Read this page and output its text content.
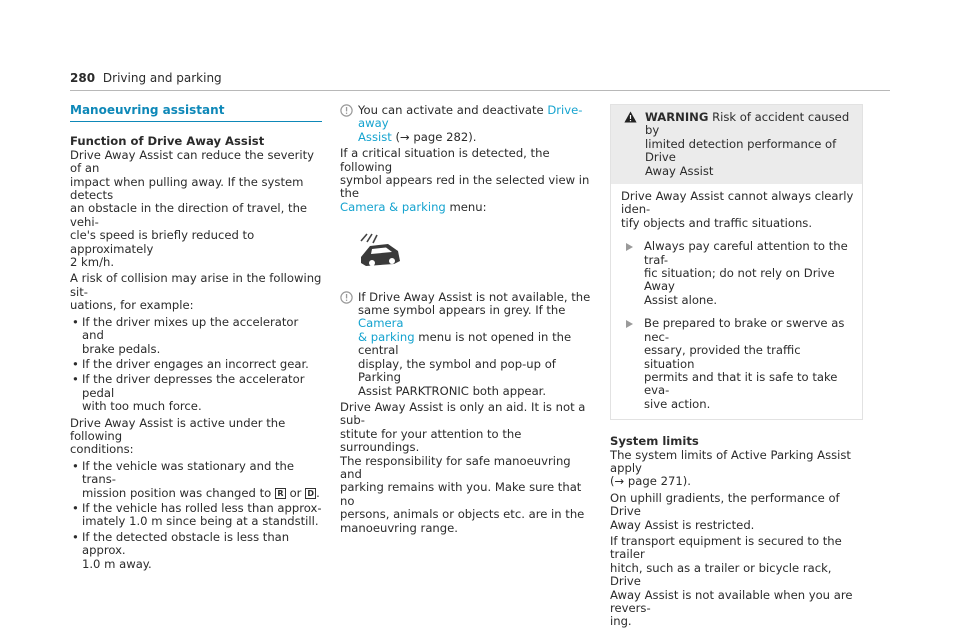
280 Driving and parking
Manoeuvring assistant
Function of Drive Away Assist
Drive Away Assist can reduce the severity of an
impact when pulling away. If the system detects
an obstacle in the direction of travel, the vehi-
cle's speed is briefly reduced to approximately
2 km/h.
A risk of collision may arise in the following sit-
uations, for example:
• If the driver mixes up the accelerator and
brake pedals.
• If the driver engages an incorrect gear.
• If the driver depresses the accelerator pedal
with too much force.
Drive Away Assist is active under the following
conditions:
• If the vehicle was stationary and the trans-
mission position was changed to R or D .
• If the vehicle has rolled less than approx-
imately 1.0 m since being at a standstill.
• If the detected obstacle is less than approx.
1.0 m away.
You can activate and deactivate Drive-away
Assist (→ page 282).
If a critical situation is detected, the following
symbol appears red in the selected view in the
Camera & parking menu:
If Drive Away Assist is not available, the
same symbol appears in grey. If the Camera
& parking menu is not opened in the central
display, the symbol and pop-up of Parking
Assist PARKTRONIC both appear.
Drive Away Assist is only an aid. It is not a sub-
stitute for your attention to the surroundings.
The responsibility for safe manoeuvring and
parking remains with you. Make sure that no
persons, animals or objects etc. are in the
manoeuvring range.
WARNING Risk of accident caused by
limited detection performance of Drive
Away Assist
Drive Away Assist cannot always clearly iden-
tify objects and traffic situations.
Always pay careful attention to the traf-
fic situation; do not rely on Drive Away
Assist alone.
Be prepared to brake or swerve as nec-
essary, provided the traffic situation
permits and that it is safe to take eva-
sive action.
System limits
The system limits of Active Parking Assist apply
(→ page 271).
On uphill gradients, the performance of Drive
Away Assist is restricted.
If transport equipment is secured to the trailer
hitch, such as a trailer or bicycle rack, Drive
Away Assist is not available when you are revers-
ing.
